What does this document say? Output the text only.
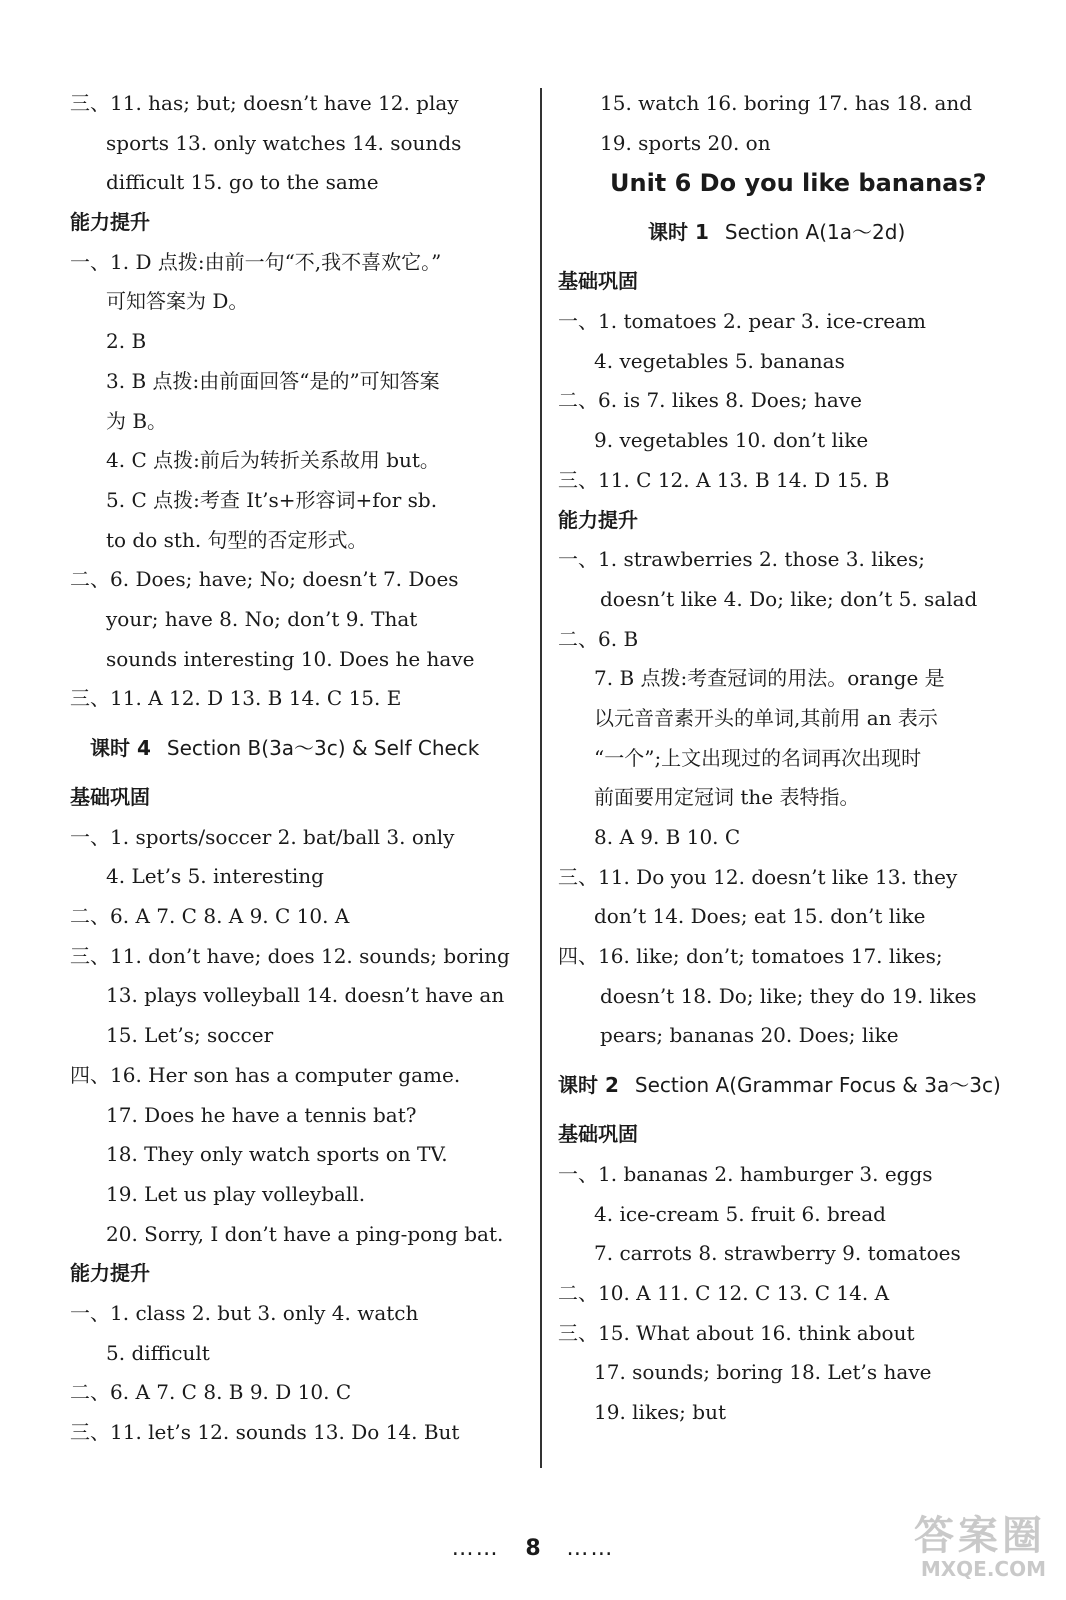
三、11. has; but; doesn’t have 12. play
sports 13. only watches 14. sounds
difficult 15. go to the same
能力提升
一、1. D 点拨:由前一句“不,我不喜欢它。”
可知答案为 D。
2. B
3. B 点拨:由前面回答“是的”可知答案
为 B。
4. C 点拨:前后为转折关系故用 but。
5. C 点拨:考查 It’s+形容词+for sb.
to do sth. 句型的否定形式。
二、6. Does; have; No; doesn’t 7. Does
your; have 8. No; don’t 9. That
sounds interesting 10. Does he have
三、11. A 12. D 13. B 14. C 15. E
课时 4 Section B(3a～3c) & Self Check
基础巩固
一、1. sports/soccer 2. bat/ball 3. only
4. Let’s 5. interesting
二、6. A 7. C 8. A 9. C 10. A
三、11. don’t have; does 12. sounds; boring
13. plays volleyball 14. doesn’t have an
15. Let’s; soccer
四、16. Her son has a computer game.
17. Does he have a tennis bat?
18. They only watch sports on TV.
19. Let us play volleyball.
20. Sorry, I don’t have a ping-pong bat.
能力提升
一、1. class 2. but 3. only 4. watch
5. difficult
二、6. A 7. C 8. B 9. D 10. C
三、11. let’s 12. sounds 13. Do 14. But
15. watch 16. boring 17. has 18. and
19. sports 20. on
Unit 6 Do you like bananas?
课时 1 Section A(1a～2d)
基础巩固
一、1. tomatoes 2. pear 3. ice-cream
4. vegetables 5. bananas
二、6. is 7. likes 8. Does; have
9. vegetables 10. don’t like
三、11. C 12. A 13. B 14. D 15. B
能力提升
一、1. strawberries 2. those 3. likes;
doesn’t like 4. Do; like; don’t 5. salad
二、6. B
7. B 点拨:考查冠词的用法。orange 是
以元音音素开头的单词,其前用 an 表示
“一个”;上文出现过的名词再次出现时
前面要用定冠词 the 表特指。
8. A 9. B 10. C
三、11. Do you 12. doesn’t like 13. they
don’t 14. Does; eat 15. don’t like
四、16. like; don’t; tomatoes 17. likes;
doesn’t 18. Do; like; they do 19. likes
pears; bananas 20. Does; like
课时 2 Section A(Grammar Focus & 3a～3c)
基础巩固
一、1. bananas 2. hamburger 3. eggs
4. ice-cream 5. fruit 6. bread
7. carrots 8. strawberry 9. tomatoes
二、10. A 11. C 12. C 13. C 14. A
三、15. What about 16. think about
17. sounds; boring 18. Let’s have
19. likes; but
…… 8 ……	答案圈
MXQE.COM
